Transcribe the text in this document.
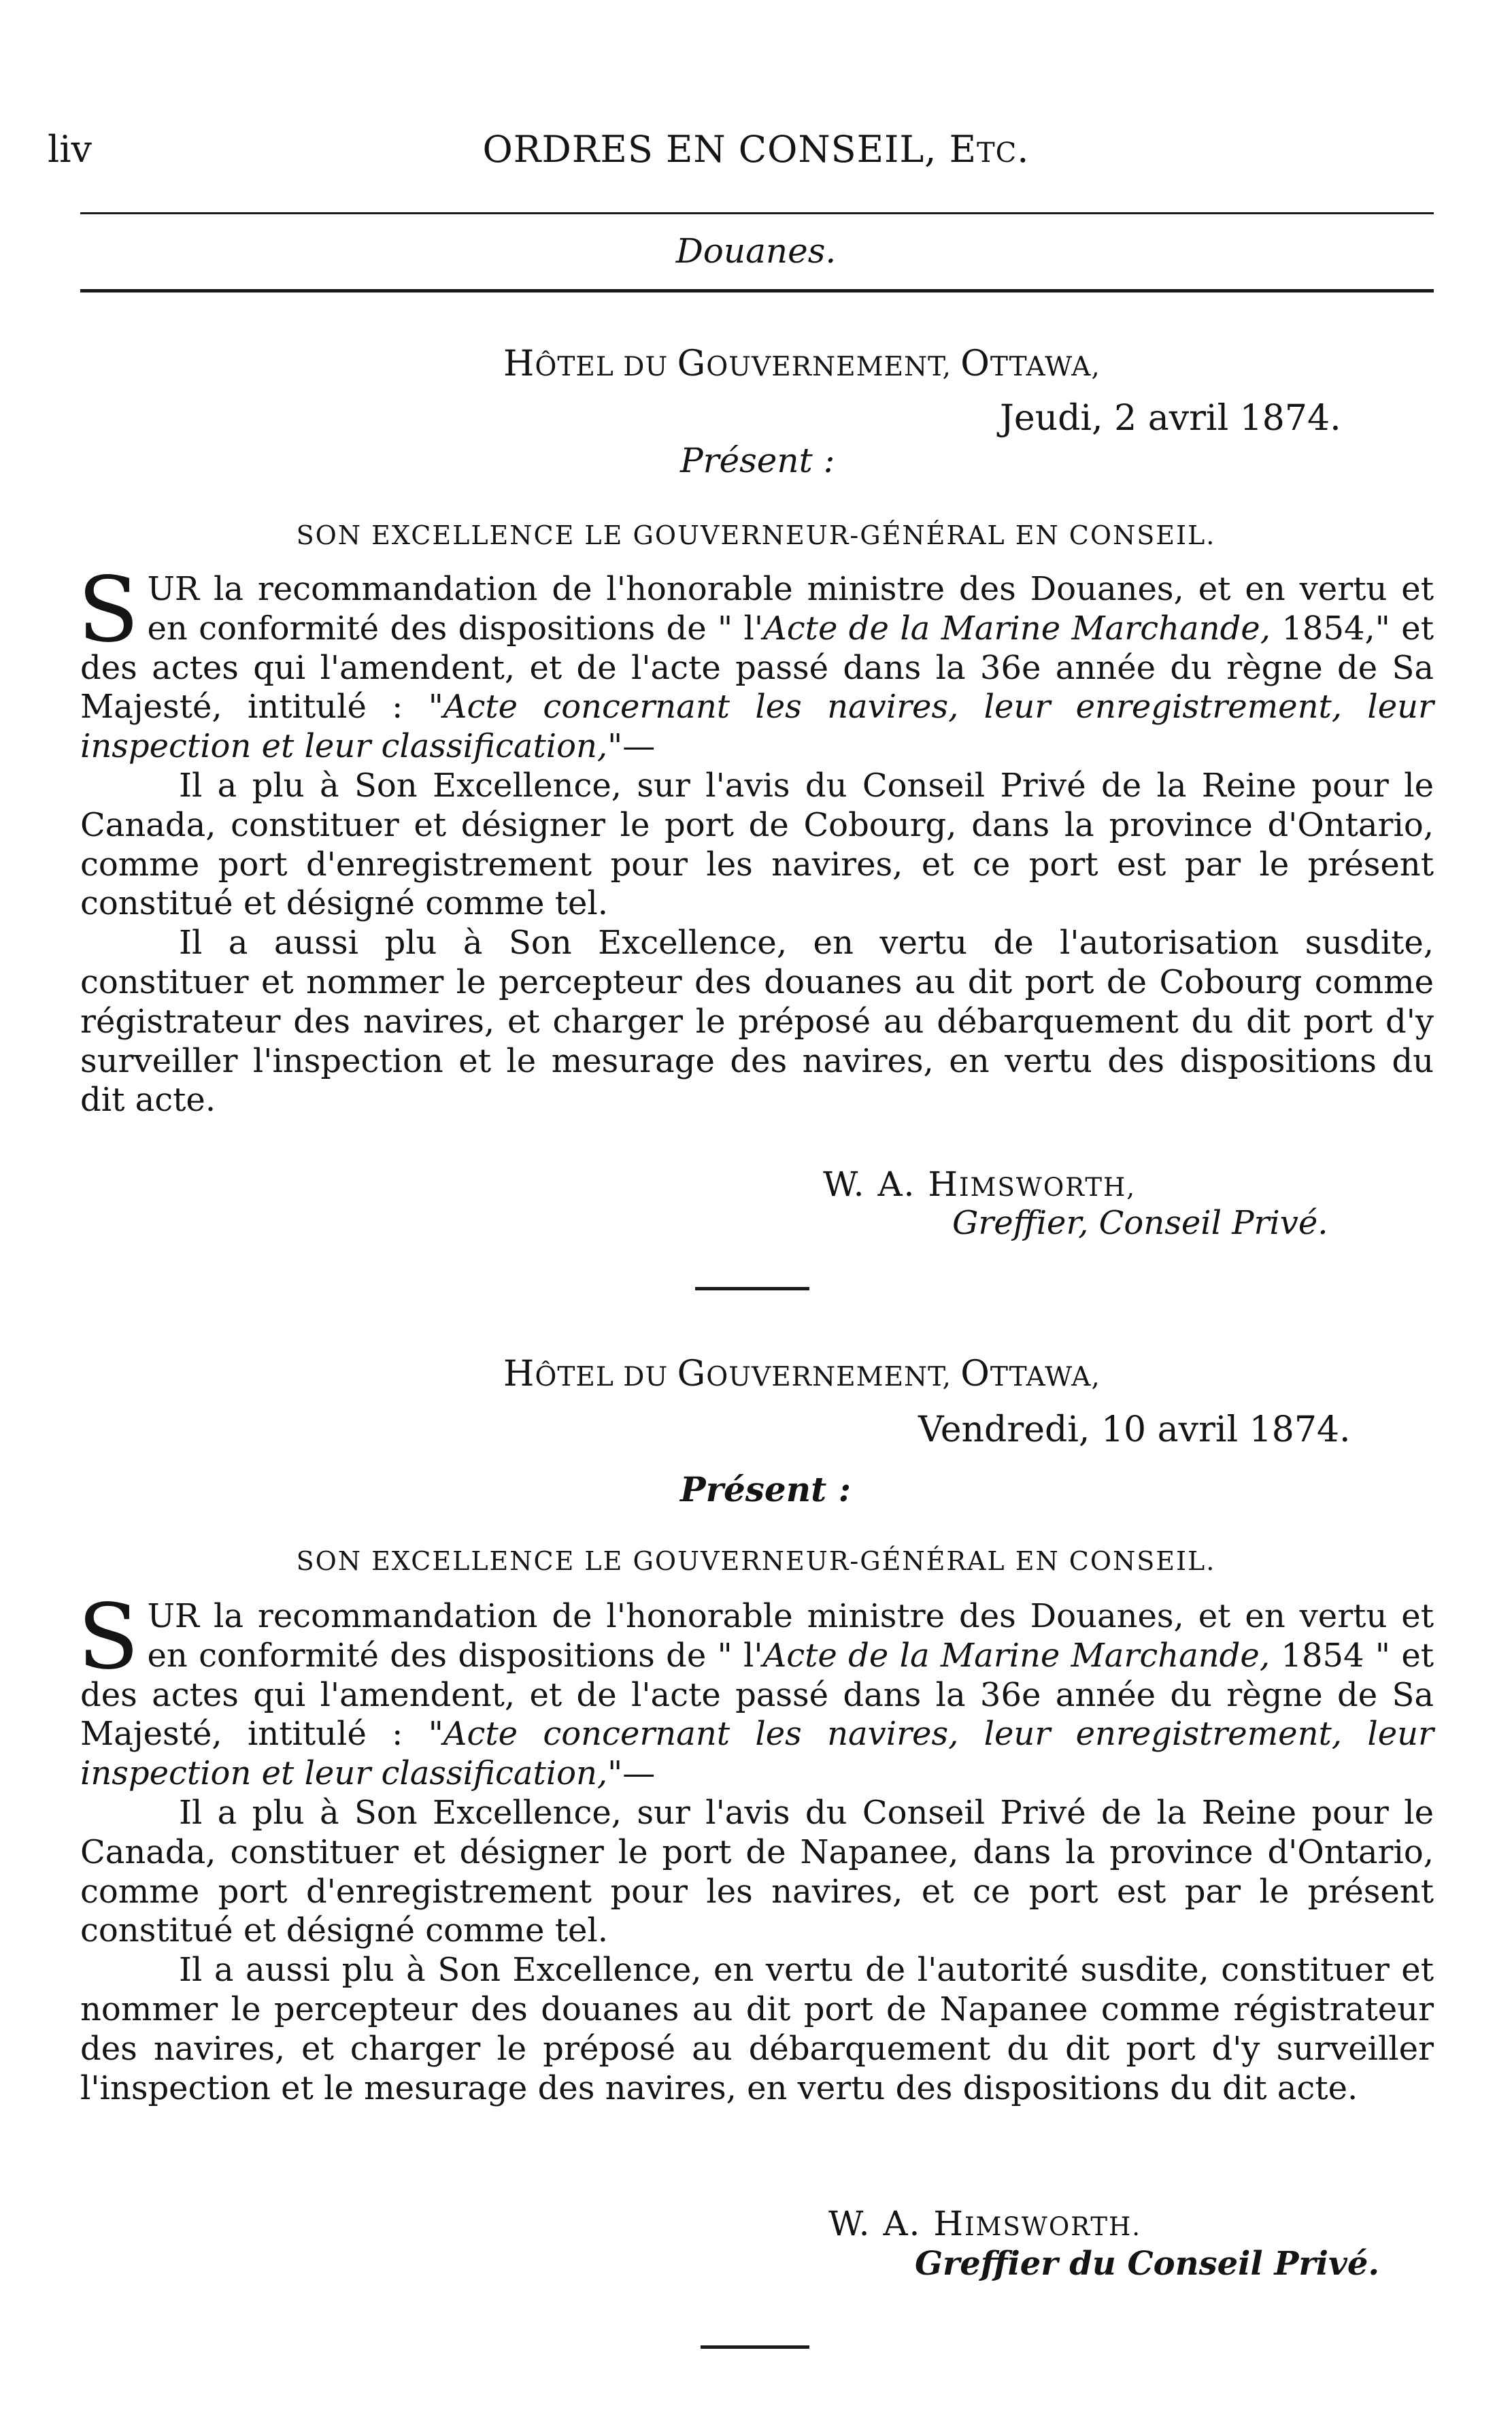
liv	ORDRES EN CONSEIL, ETC.
Douanes.
HÔTEL DU GOUVERNEMENT, OTTAWA,
Jeudi, 2 avril 1874.
Présent :
SON EXCELLENCE LE GOUVERNEUR-GÉNÉRAL EN CONSEIL.

SUR la recommandation de l'honorable ministre des Douanes, et en vertu et en conformité des dispositions de " l'Acte de la Marine Marchande, 1854," et des actes qui l'amendent, et de l'acte passé dans la 36e année du règne de Sa Majesté, intitulé : "Acte concernant les navires, leur enregistrement, leur inspection et leur classification,"—

Il a plu à Son Excellence, sur l'avis du Conseil Privé de la Reine pour le Canada, constituer et désigner le port de Cobourg, dans la province d'Ontario, comme port d'enregistrement pour les navires, et ce port est par le présent constitué et désigné comme tel.

Il a aussi plu à Son Excellence, en vertu de l'autorisation susdite, constituer et nommer le percepteur des douanes au dit port de Cobourg comme régistrateur des navires, et charger le préposé au débarquement du dit port d'y surveiller l'inspection et le mesurage des navires, en vertu des dispositions du dit acte.

W. A. HIMSWORTH,
Greffier, Conseil Privé.
HÔTEL DU GOUVERNEMENT, OTTAWA,
Vendredi, 10 avril 1874.
Présent :
SON EXCELLENCE LE GOUVERNEUR-GÉNÉRAL EN CONSEIL.

SUR la recommandation de l'honorable ministre des Douanes, et en vertu et en conformité des dispositions de " l'Acte de la Marine Marchande, 1854 " et des actes qui l'amendent, et de l'acte passé dans la 36e année du règne de Sa Majesté, intitulé : "Acte concernant les navires, leur enregistrement, leur inspection et leur classification,"—

Il a plu à Son Excellence, sur l'avis du Conseil Privé de la Reine pour le Canada, constituer et désigner le port de Napanee, dans la province d'Ontario, comme port d'enregistrement pour les navires, et ce port est par le présent constitué et désigné comme tel.

Il a aussi plu à Son Excellence, en vertu de l'autorité susdite, constituer et nommer le percepteur des douanes au dit port de Napanee comme régistrateur des navires, et charger le préposé au débarquement du dit port d'y surveiller l'inspection et le mesurage des navires, en vertu des dispositions du dit acte.

W. A. HIMSWORTH.
Greffier du Conseil Privé.
